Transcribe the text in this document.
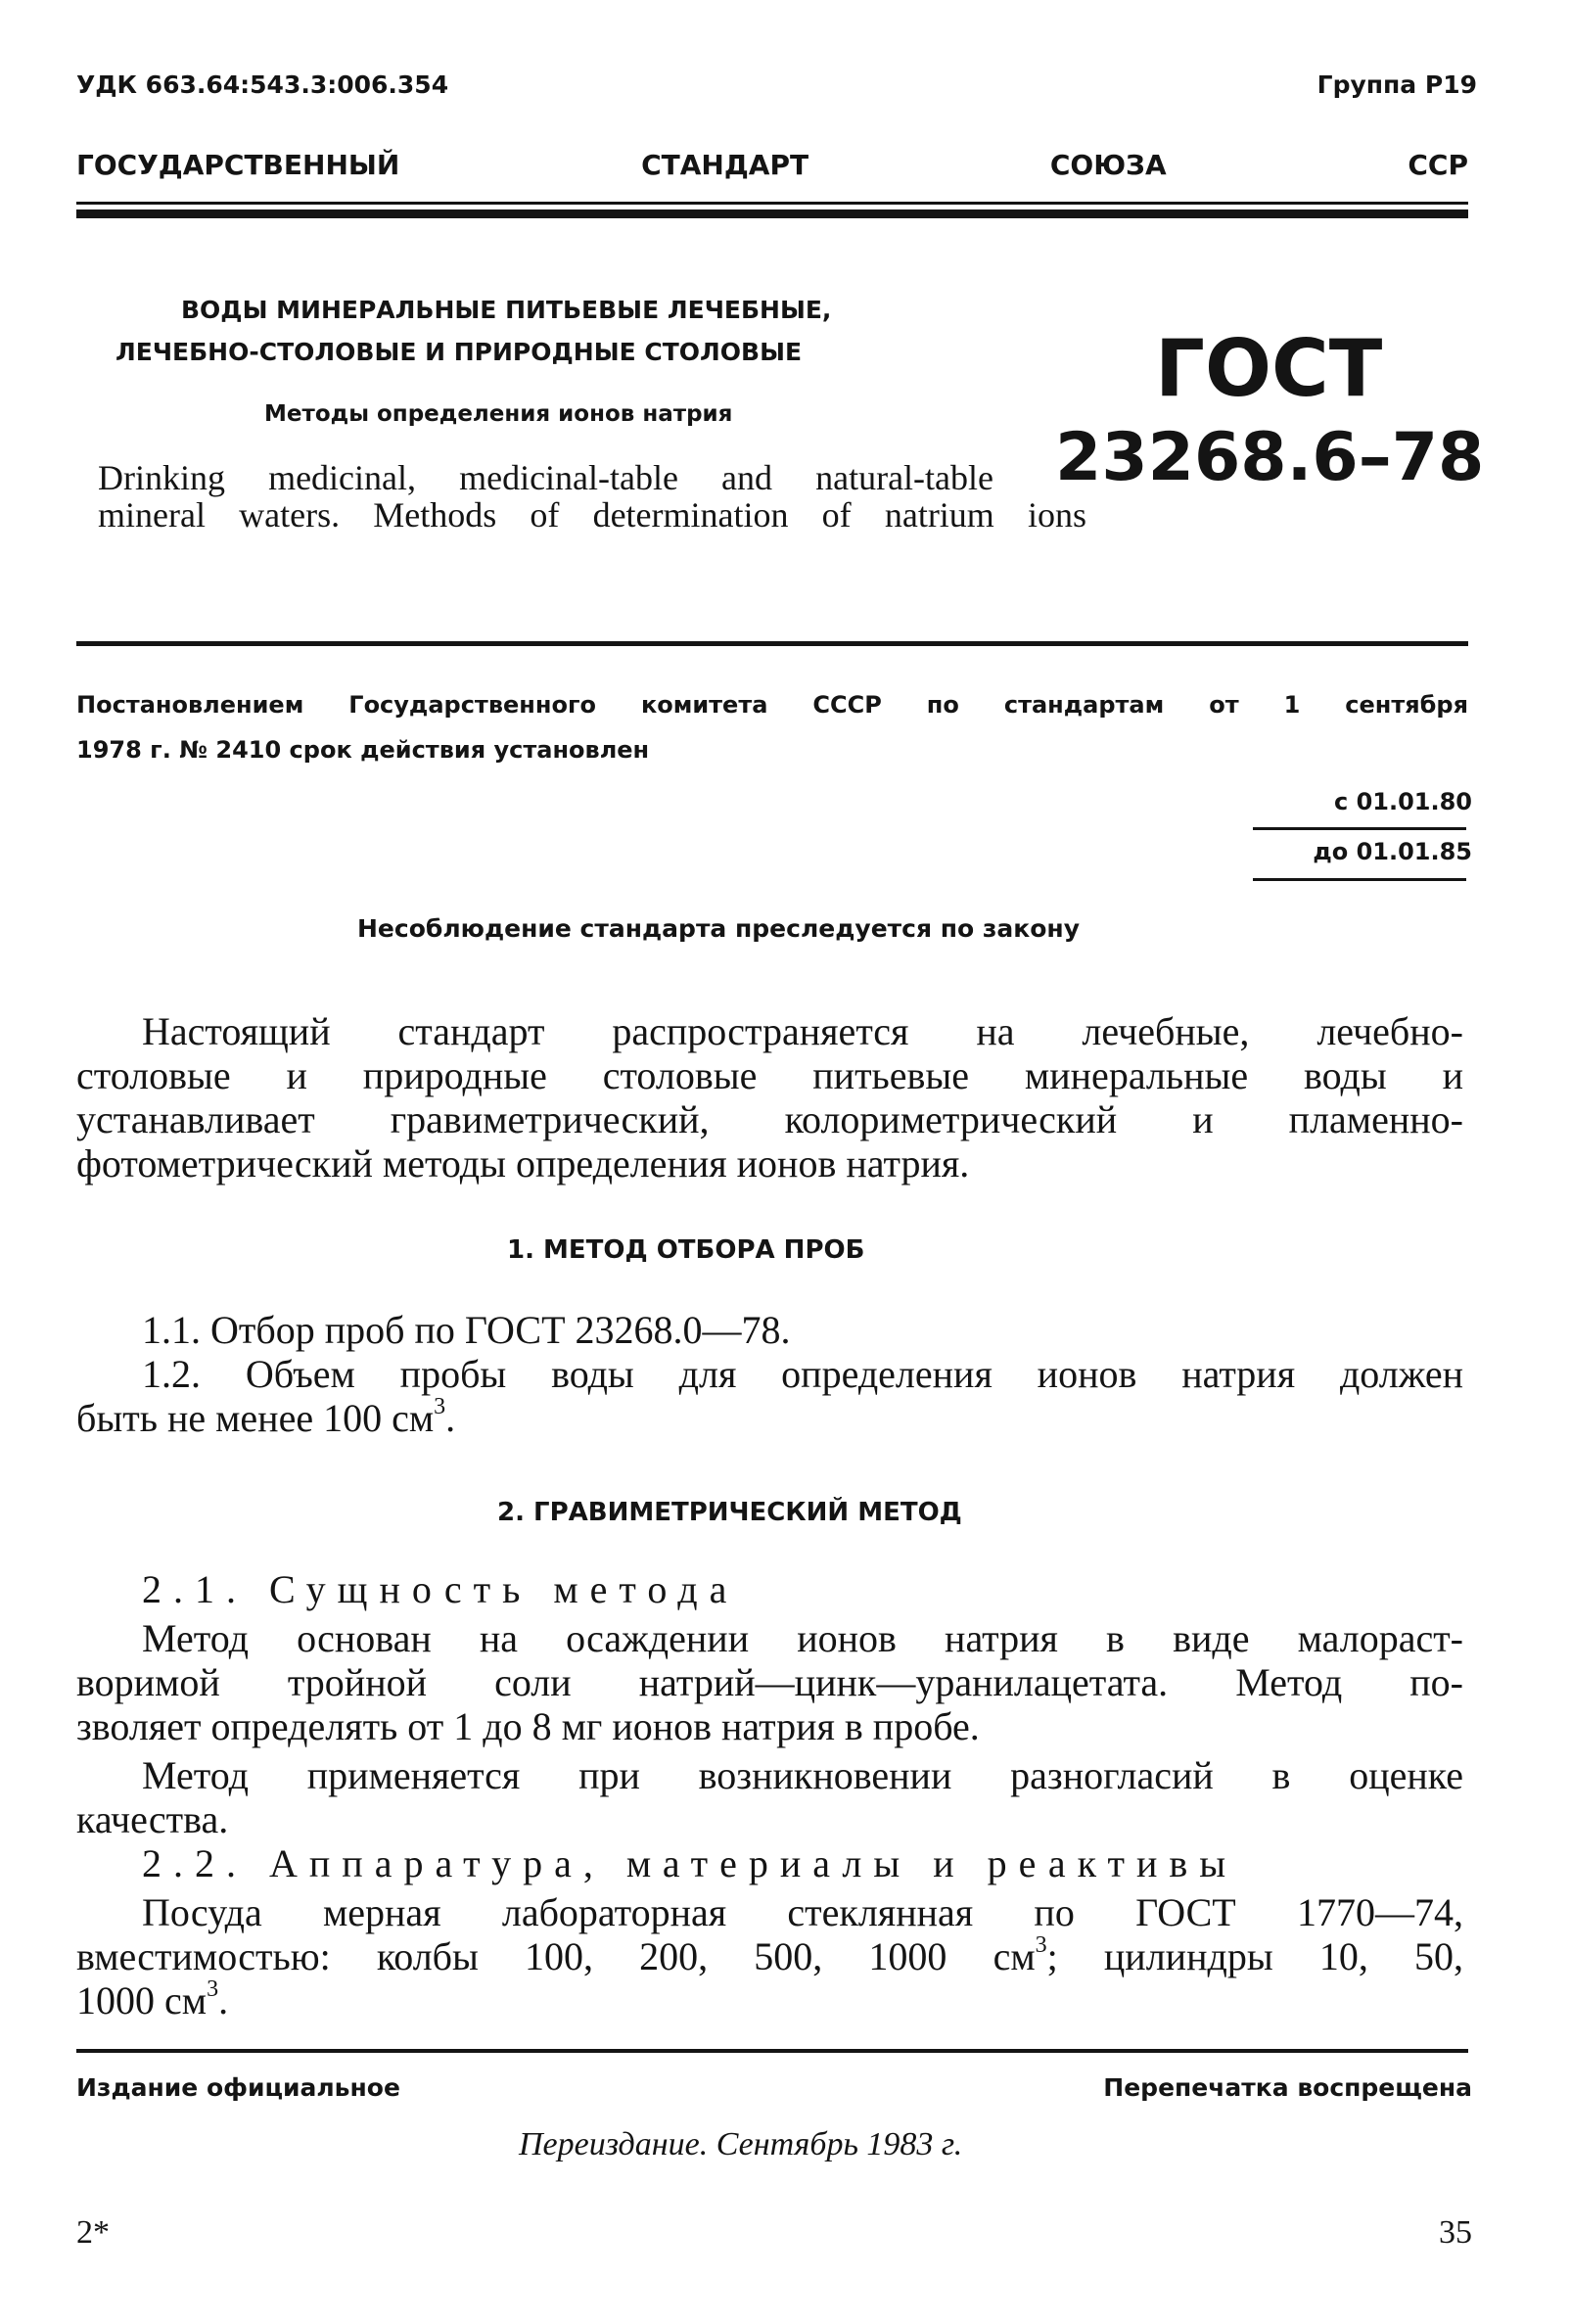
УДК 663.64:543.3:006.354	Группа Р19
ГОСУДАРСТВЕННЫЙ СТАНДАРТ СОЮЗА ССР
ВОДЫ МИНЕРАЛЬНЫЕ ПИТЬЕВЫЕ ЛЕЧЕБНЫЕ,
ЛЕЧЕБНО-СТОЛОВЫЕ И ПРИРОДНЫЕ СТОЛОВЫЕ
Методы определения ионов натрия
Drinking medicinal, medicinal-table and natural-table
mineral waters. Methods of determination of natrium ions
ГОСТ
23268.6–78
Постановлением Государственного комитета СССР по стандартам от 1 сентября
1978 г. № 2410 срок действия установлен
с 01.01.80
до 01.01.85
Несоблюдение стандарта преследуется по закону
Настоящий стандарт распространяется на лечебные, лечебно-
столовые и природные столовые питьевые минеральные воды и
устанавливает гравиметрический, колориметрический и пламенно-
фотометрический методы определения ионов натрия.
1. МЕТОД ОТБОРА ПРОБ
1.1. Отбор проб по ГОСТ 23268.0—78.
1.2. Объем пробы воды для определения ионов натрия должен
быть не менее 100 $см^3$.
2. ГРАВИМЕТРИЧЕСКИЙ МЕТОД
2.1. Сущность метода
Метод основан на осаждении ионов натрия в виде малораст-
воримой тройной соли натрий—цинк—уранилацетата. Метод по-
зволяет определять от 1 до 8 мг ионов натрия в пробе.
Метод применяется при возникновении разногласий в оценке
качества.
2.2. Аппаратура, материалы и реактивы
Посуда мерная лабораторная стеклянная по ГОСТ 1770—74,
вместимостью: колбы 100, 200, 500, 1000 $см^3$; цилиндры 10, 50,
1000 $см^3$.
Издание официальное	Перепечатка воспрещена
Переиздание. Сентябрь 1983 г.
2*	35
